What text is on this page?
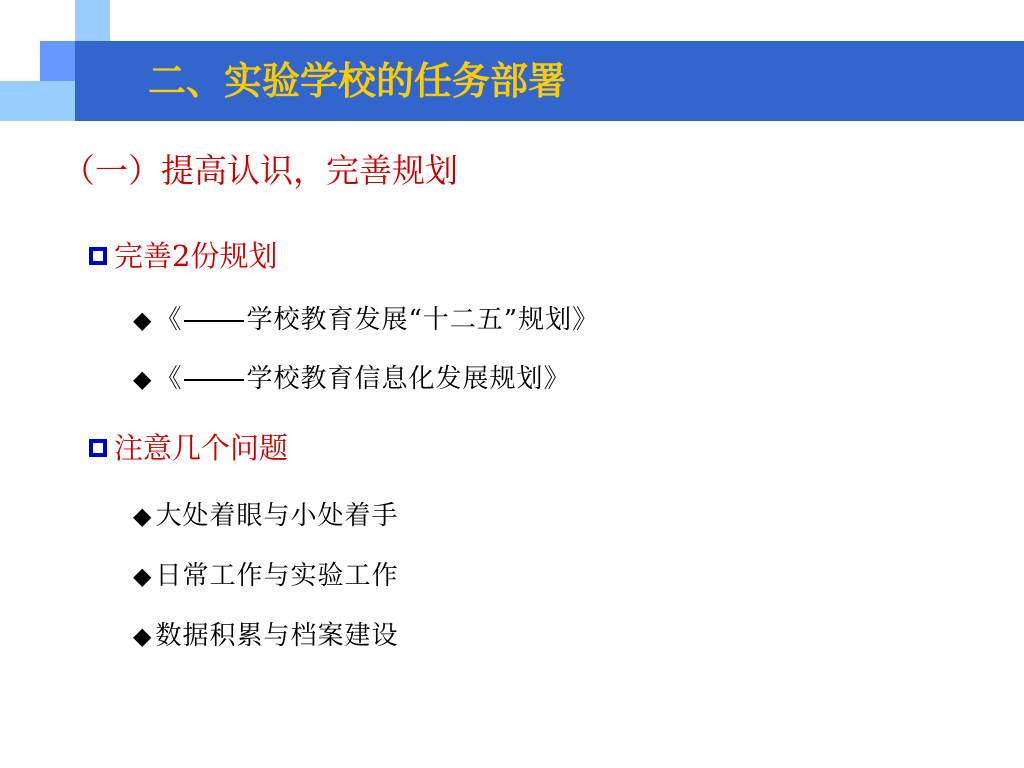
二、实验学校的任务部署
（一）提高认识，完善规划
完善2份规划
◆ 《 学校教育发展“十二五”规划》
◆ 《 学校教育信息化发展规划》
注意几个问题
◆ 大处着眼与小处着手
◆ 日常工作与实验工作
◆ 数据积累与档案建设
